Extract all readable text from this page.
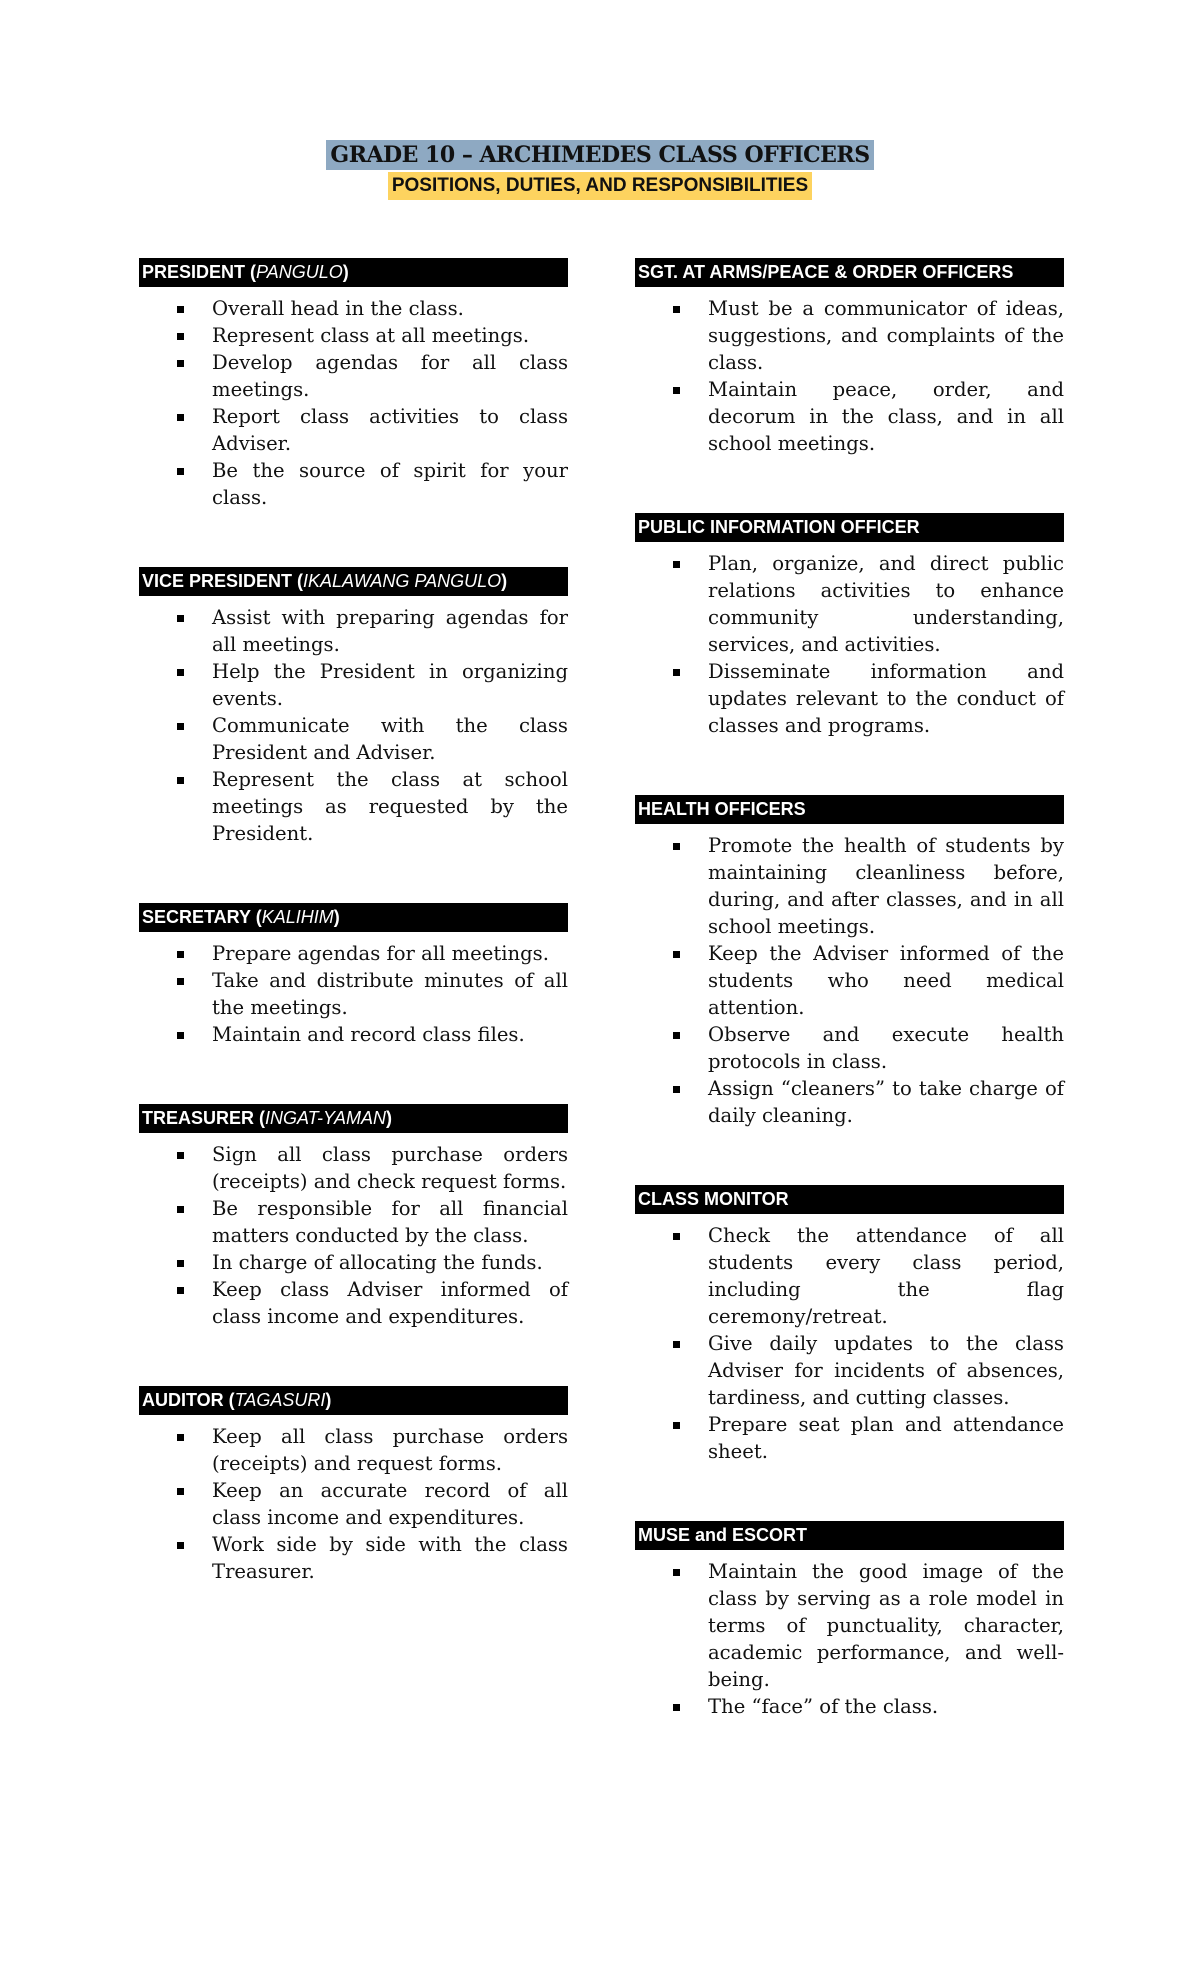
GRADE 10 – ARCHIMEDES CLASS OFFICERS
POSITIONS, DUTIES, AND RESPONSIBILITIES
PRESIDENT (PANGULO)
Overall head in the class.
Represent class at all meetings.
Develop agendas for all class meetings.
Report class activities to class Adviser.
Be the source of spirit for your class.
VICE PRESIDENT (IKALAWANG PANGULO)
Assist with preparing agendas for all meetings.
Help the President in organizing events.
Communicate with the class President and Adviser.
Represent the class at school meetings as requested by the President.
SECRETARY (KALIHIM)
Prepare agendas for all meetings.
Take and distribute minutes of all the meetings.
Maintain and record class files.
TREASURER (INGAT-YAMAN)
Sign all class purchase orders (receipts) and check request forms.
Be responsible for all financial matters conducted by the class.
In charge of allocating the funds.
Keep class Adviser informed of class income and expenditures.
AUDITOR (TAGASURI)
Keep all class purchase orders (receipts) and request forms.
Keep an accurate record of all class income and expenditures.
Work side by side with the class Treasurer.
SGT. AT ARMS/PEACE & ORDER OFFICERS
Must be a communicator of ideas, suggestions, and complaints of the class.
Maintain peace, order, and decorum in the class, and in all school meetings.
PUBLIC INFORMATION OFFICER
Plan, organize, and direct public relations activities to enhance community understanding, services, and activities.
Disseminate information and updates relevant to the conduct of classes and programs.
HEALTH OFFICERS
Promote the health of students by maintaining cleanliness before, during, and after classes, and in all school meetings.
Keep the Adviser informed of the students who need medical attention.
Observe and execute health protocols in class.
Assign “cleaners” to take charge of daily cleaning.
CLASS MONITOR
Check the attendance of all students every class period, including the flag ceremony/retreat.
Give daily updates to the class Adviser for incidents of absences, tardiness, and cutting classes.
Prepare seat plan and attendance sheet.
MUSE and ESCORT
Maintain the good image of the class by serving as a role model in terms of punctuality, character, academic performance, and well-being.
The “face” of the class.
